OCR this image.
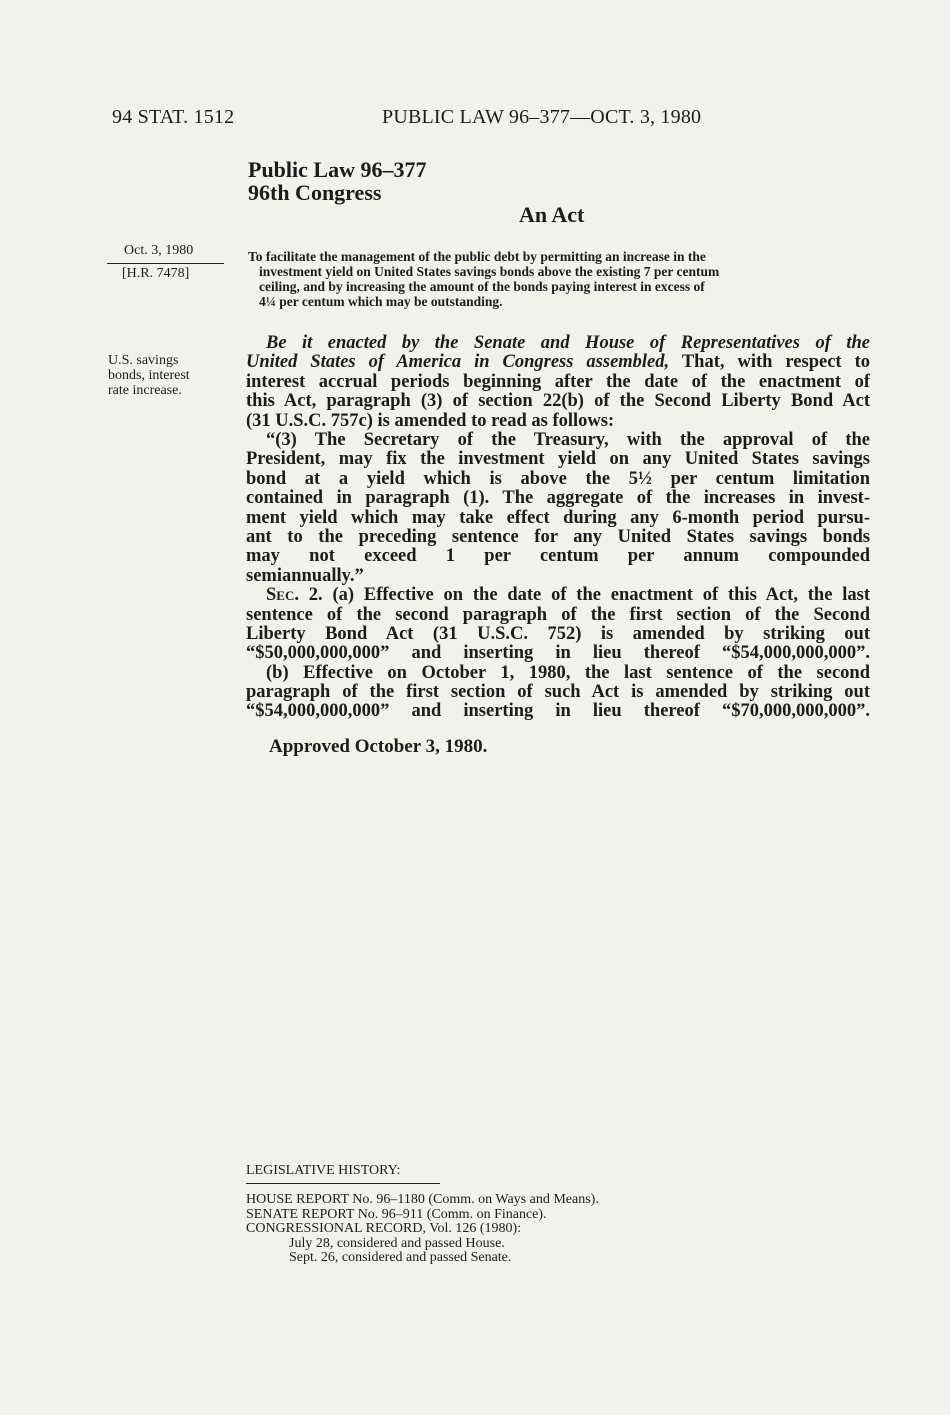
94 STAT. 1512	PUBLIC LAW 96–377—OCT. 3, 1980
Public Law 96–377
96th Congress
An Act
Oct. 3, 1980
[H.R. 7478]
U.S. savings
bonds, interest
rate increase.
To facilitate the management of the public debt by permitting an increase in the
investment yield on United States savings bonds above the existing 7 per centum
ceiling, and by increasing the amount of the bonds paying interest in excess of
4¼ per centum which may be outstanding.
Be it enacted by the Senate and House of Representatives of the
United States of America in Congress assembled, That, with respect to
interest accrual periods beginning after the date of the enactment of
this Act, paragraph (3) of section 22(b) of the Second Liberty Bond Act
(31 U.S.C. 757c) is amended to read as follows:
“(3) The Secretary of the Treasury, with the approval of the
President, may fix the investment yield on any United States savings
bond at a yield which is above the 5½ per centum limitation
contained in paragraph (1). The aggregate of the increases in invest-
ment yield which may take effect during any 6-month period pursu-
ant to the preceding sentence for any United States savings bonds
may not exceed 1 per centum per annum compounded
semiannually.”
Sec. 2. (a) Effective on the date of the enactment of this Act, the last
sentence of the second paragraph of the first section of the Second
Liberty Bond Act (31 U.S.C. 752) is amended by striking out
“$50,000,000,000” and inserting in lieu thereof “$54,000,000,000”.
(b) Effective on October 1, 1980, the last sentence of the second
paragraph of the first section of such Act is amended by striking out
“$54,000,000,000” and inserting in lieu thereof “$70,000,000,000”.
Approved October 3, 1980.
LEGISLATIVE HISTORY:
HOUSE REPORT No. 96–1180 (Comm. on Ways and Means).
SENATE REPORT No. 96–911 (Comm. on Finance).
CONGRESSIONAL RECORD, Vol. 126 (1980):
July 28, considered and passed House.
Sept. 26, considered and passed Senate.
